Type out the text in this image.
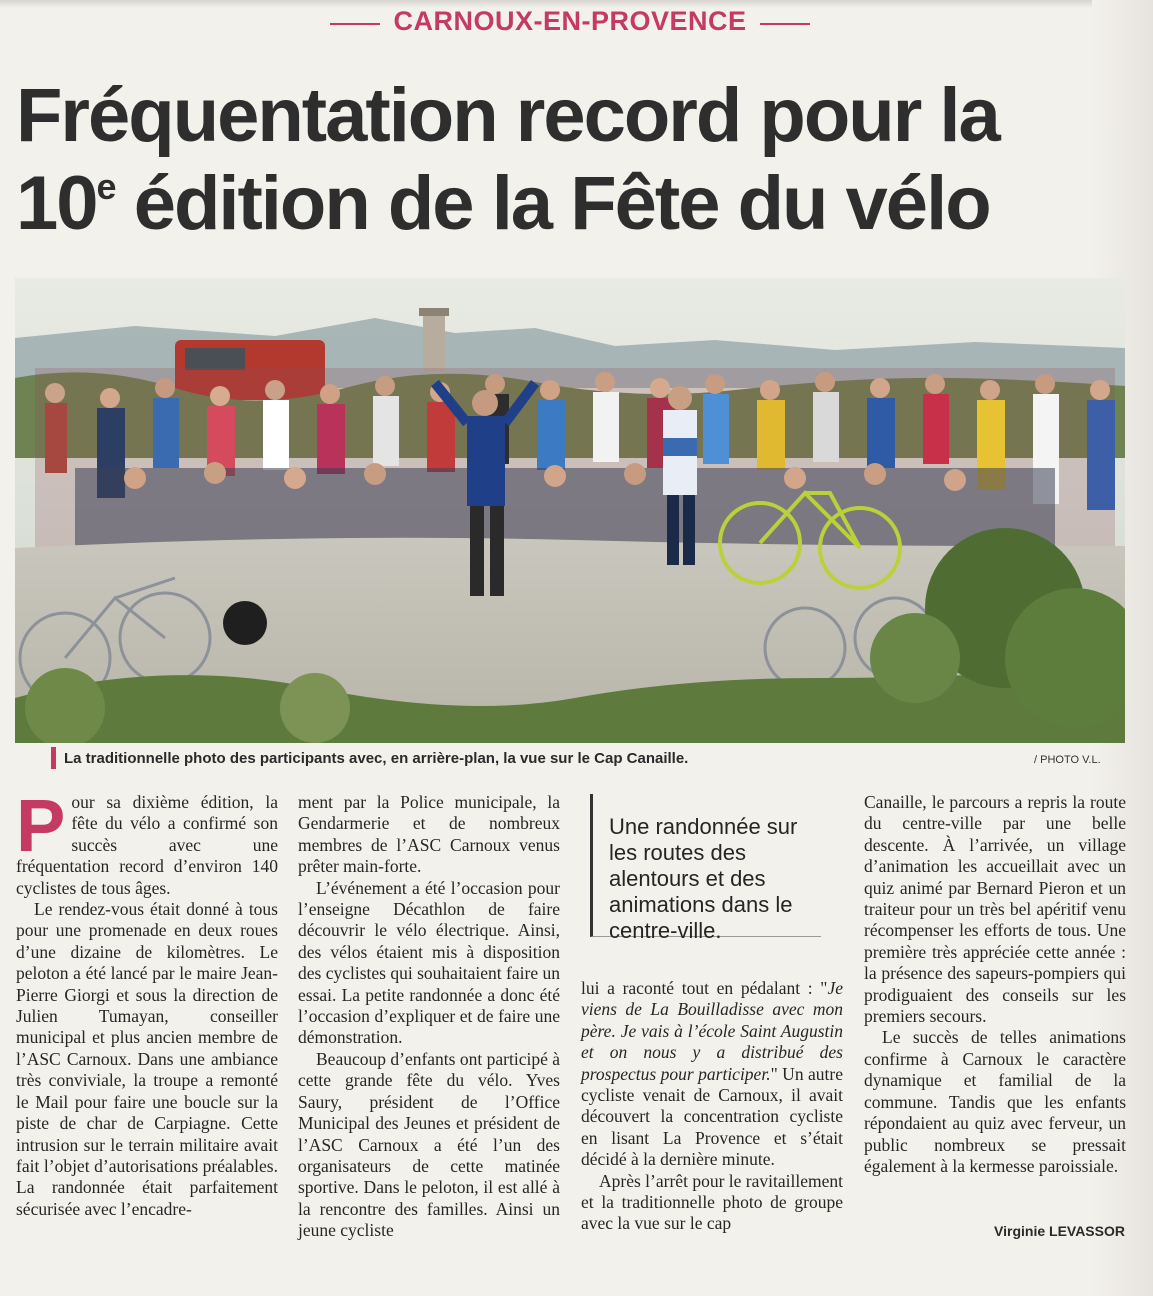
CARNOUX-EN-PROVENCE
Fréquentation record pour la
10e édition de la Fête du vélo
La traditionnelle photo des participants avec, en arrière-plan, la vue sur le Cap Canaille.	/ PHOTO V.L.

Pour sa dixième édition, la fête du vélo a confirmé son succès avec une fréquentation record d’environ 140 cyclistes de tous âges.

Le rendez-vous était donné à tous pour une promenade en deux roues d’une dizaine de kilomètres. Le peloton a été lancé par le maire Jean-Pierre Giorgi et sous la direction de Julien Tumayan, conseiller municipal et plus ancien membre de l’ASC Carnoux. Dans une ambiance très conviviale, la troupe a remonté le Mail pour faire une boucle sur la piste de char de Carpiagne. Cette intrusion sur le terrain militaire avait fait l’objet d’autorisations préalables. La randonnée était parfaitement sécurisée avec l’encadre-

ment par la Police municipale, la Gendarmerie et de nombreux membres de l’ASC Carnoux venus prêter main-forte.

L’événement a été l’occasion pour l’enseigne Décathlon de faire découvrir le vélo électrique. Ainsi, des vélos étaient mis à disposition des cyclistes qui souhaitaient faire un essai. La petite randonnée a donc été l’occasion d’expliquer et de faire une démonstration.

Beaucoup d’enfants ont participé à cette grande fête du vélo. Yves Saury, président de l’Office Municipal des Jeunes et président de l’ASC Carnoux a été l’un des organisateurs de cette matinée sportive. Dans le peloton, il est allé à la rencontre des familles. Ainsi un jeune cycliste

Une randonnée sur les routes des alentours et des animations dans le centre-ville.

lui a raconté tout en pédalant : "Je viens de La Bouilladisse avec mon père. Je vais à l’école Saint Augustin et on nous y a distribué des prospectus pour participer." Un autre cycliste venait de Carnoux, il avait découvert la concentration cycliste en lisant La Provence et s’était décidé à la dernière minute.

Après l’arrêt pour le ravitaillement et la traditionnelle photo de groupe avec la vue sur le cap

Canaille, le parcours a repris la route du centre-ville par une belle descente. À l’arrivée, un village d’animation les accueillait avec un quiz animé par Bernard Pieron et un traiteur pour un très bel apéritif venu récompenser les efforts de tous. Une première très appréciée cette année : la présence des sapeurs-pompiers qui prodiguaient des conseils sur les premiers secours.

Le succès de telles animations confirme à Carnoux le caractère dynamique et familial de la commune. Tandis que les enfants répondaient au quiz avec ferveur, un public nombreux se pressait également à la kermesse paroissiale.

Virginie LEVASSOR
